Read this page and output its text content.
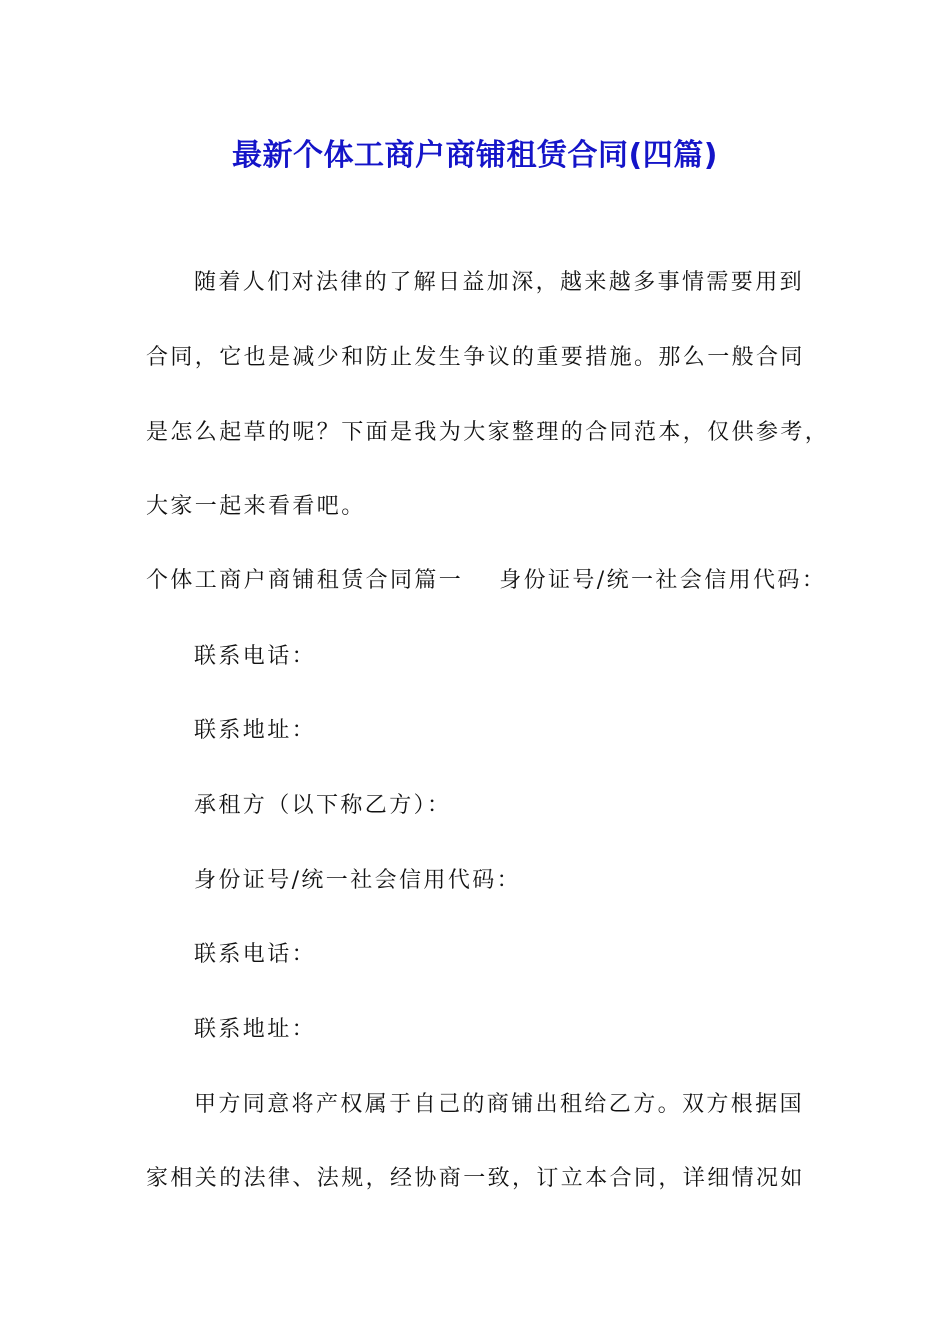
最新个体工商户商铺租赁合同(四篇)
随着人们对法律的了解日益加深，越来越多事情需要用到
合同，它也是减少和防止发生争议的重要措施。那么一般合同
是怎么起草的呢？下面是我为大家整理的合同范本，仅供参考，
大家一起来看看吧。
个体工商户商铺租赁合同篇一 身份证号/统一社会信用代码：
联系电话：
联系地址：
承租方（以下称乙方）：
身份证号/统一社会信用代码：
联系电话：
联系地址：
甲方同意将产权属于自己的商铺出租给乙方。双方根据国
家相关的法律、法规，经协商一致，订立本合同，详细情况如
